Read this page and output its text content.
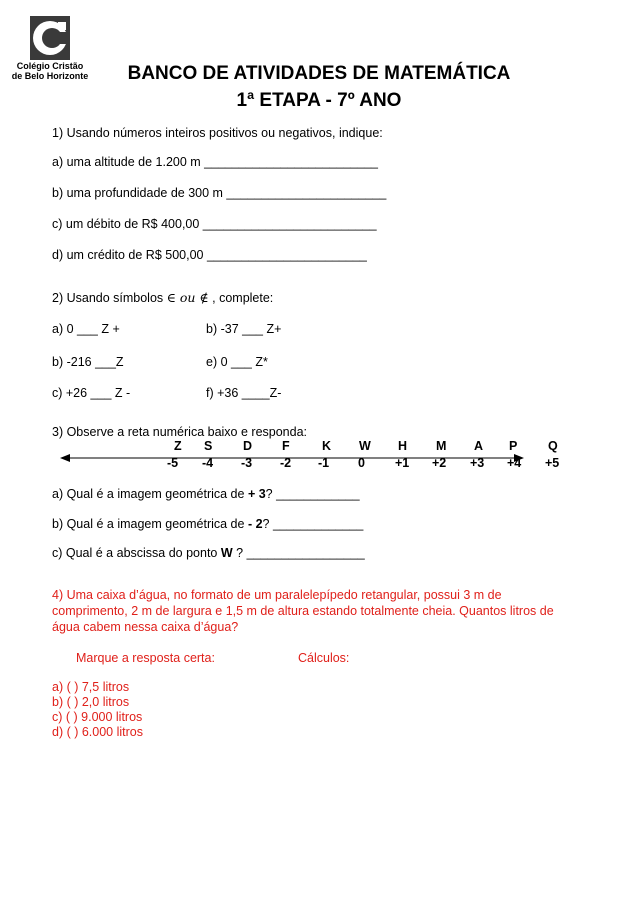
Colégio Cristão
de Belo Horizonte	BANCO DE ATIVIDADES DE MATEMÁTICA
1ª ETAPA - 7º ANO
1) Usando números inteiros positivos ou negativos, indique:
a) uma altitude de 1.200 m _________________________
b) uma profundidade de 300 m _______________________
c) um débito de R$ 400,00 _________________________
d) um crédito de R$ 500,00 _______________________
2) Usando símbolos ∈ ou ∉ , complete:
a) 0 ___ Z +	b) -37 ___ Z+
b) -216 ___Z	e) 0 ___ Z*
c) +26 ___ Z -	f) +36 ____Z-
3) Observe a reta numérica baixo e responda:
Z S D F	K W H M A P Q
-5 -4 -3 -2 -1 0 +1 +2 +3 +4 +5
a) Qual é a imagem geométrica de + 3? ____________
b) Qual é a imagem geométrica de - 2? _____________
c) Qual é a abscissa do ponto W ? _________________
4) Uma caixa d’água, no formato de um paralelepípedo retangular, possui 3 m de
comprimento, 2 m de largura e 1,5 m de altura estando totalmente cheia. Quantos litros de
água cabem nessa caixa d’água?
Marque a resposta certa:	Cálculos:
a) ( ) 7,5 litros
b) ( ) 2,0 litros
c) ( ) 9.000 litros
d) ( ) 6.000 litros
